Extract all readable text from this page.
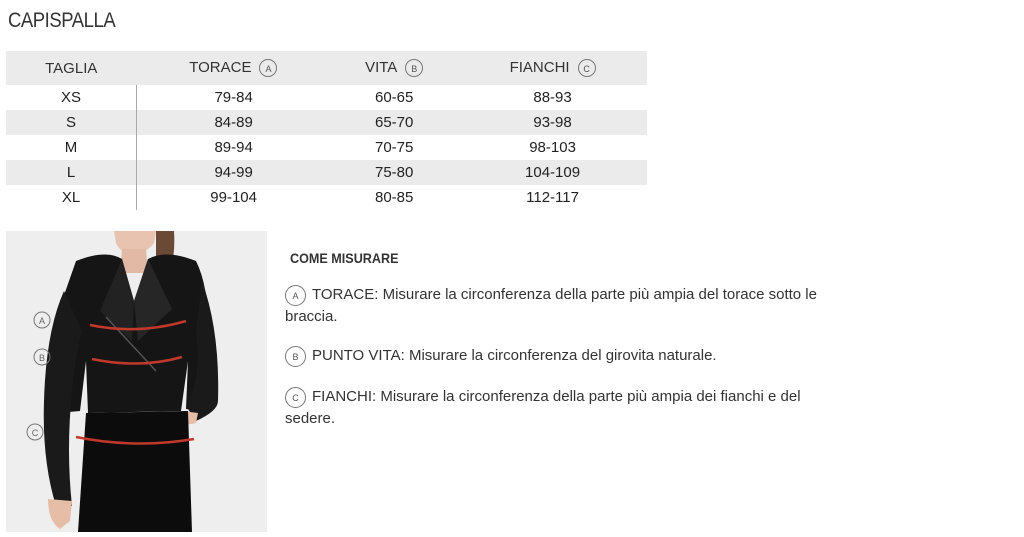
CAPISPALLA
TAGLIA	TORACE A	VITA B	FIANCHI C
XS	79-84	60-65	88-93
S	84-89	65-70	93-98
M	89-94	70-75	98-103
L	94-99	75-80	104-109
XL	99-104	80-85	112-117
A
B
C
COME MISURARE
A TORACE: Misurare la circonferenza della parte più ampia del torace sotto le braccia.
B PUNTO VITA: Misurare la circonferenza del girovita naturale.
C FIANCHI: Misurare la circonferenza della parte più ampia dei fianchi e del sedere.
